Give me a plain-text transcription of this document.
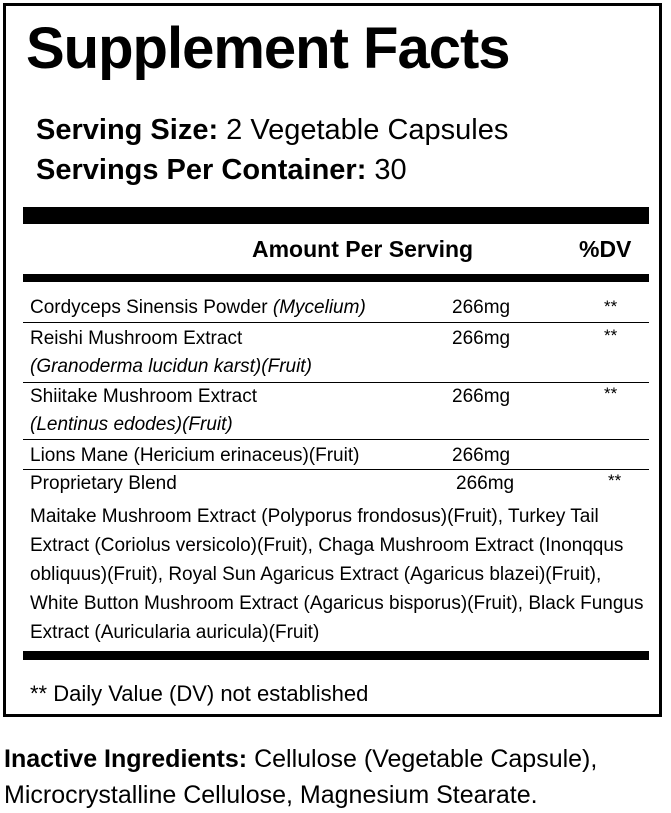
Supplement Facts
Serving Size: 2 Vegetable Capsules
Servings Per Container: 30
Amount Per Serving	%DV
Cordyceps Sinensis Powder (Mycelium)	266mg	**
Reishi Mushroom Extract
(Granoderma lucidun karst)(Fruit)
266mg	**
Shiitake Mushroom Extract
(Lentinus edodes)(Fruit)
266mg	**
Lions Mane (Hericium erinaceus)(Fruit)	266mg
Proprietary Blend	266mg	**
Maitake Mushroom Extract (Polyporus frondosus)(Fruit), Turkey Tail Extract (Coriolus versicolo)(Fruit), Chaga Mushroom Extract (Inonqqus obliquus)(Fruit), Royal Sun Agaricus Extract (Agaricus blazei)(Fruit), White Button Mushroom Extract (Agaricus bisporus)(Fruit), Black Fungus Extract (Auricularia auricula)(Fruit)
** Daily Value (DV) not established
Inactive Ingredients: Cellulose (Vegetable Capsule), Microcrystalline Cellulose, Magnesium Stearate.
